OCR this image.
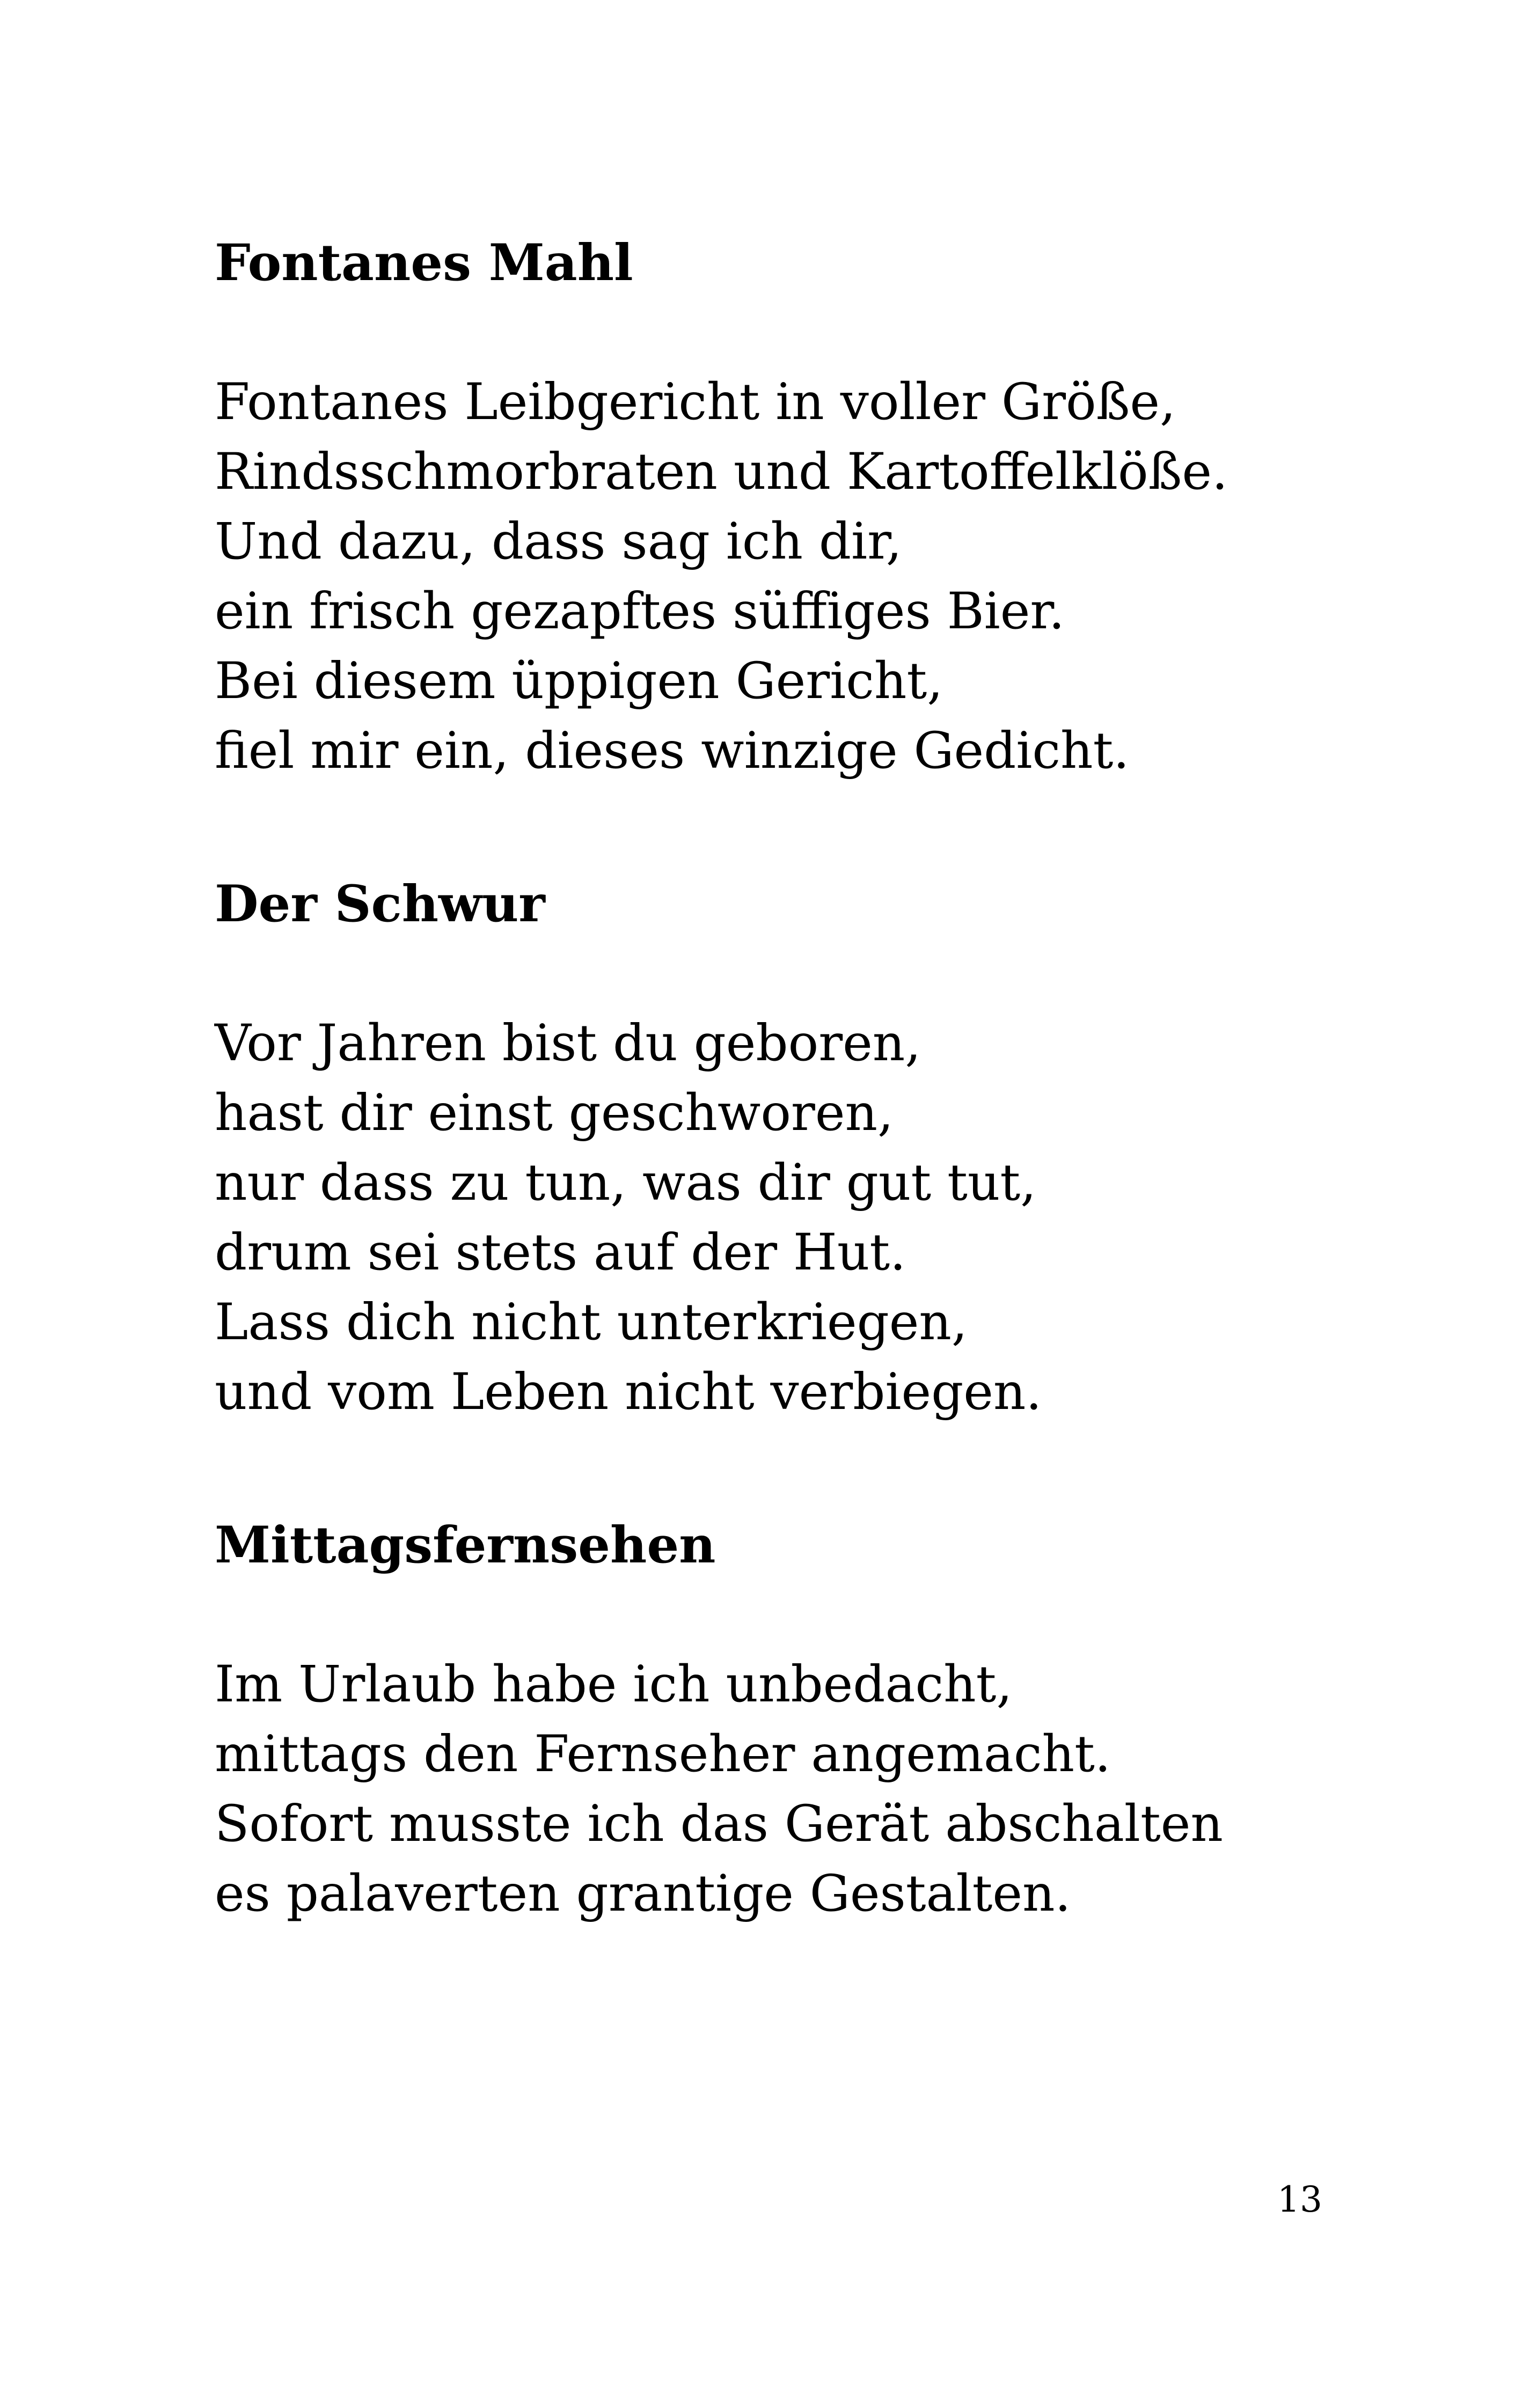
Fontanes Mahl
Fontanes Leibgericht in voller Größe,
Rindsschmorbraten und Kartoffelklöße.
Und dazu, dass sag ich dir,
ein frisch gezapftes süffiges Bier.
Bei diesem üppigen Gericht,
fiel mir ein, dieses winzige Gedicht.
Der Schwur
Vor Jahren bist du geboren,
hast dir einst geschworen,
nur dass zu tun, was dir gut tut,
drum sei stets auf der Hut.
Lass dich nicht unterkriegen,
und vom Leben nicht verbiegen.
Mittagsfernsehen
Im Urlaub habe ich unbedacht,
mittags den Fernseher angemacht.
Sofort musste ich das Gerät abschalten
es palaverten grantige Gestalten.
13
